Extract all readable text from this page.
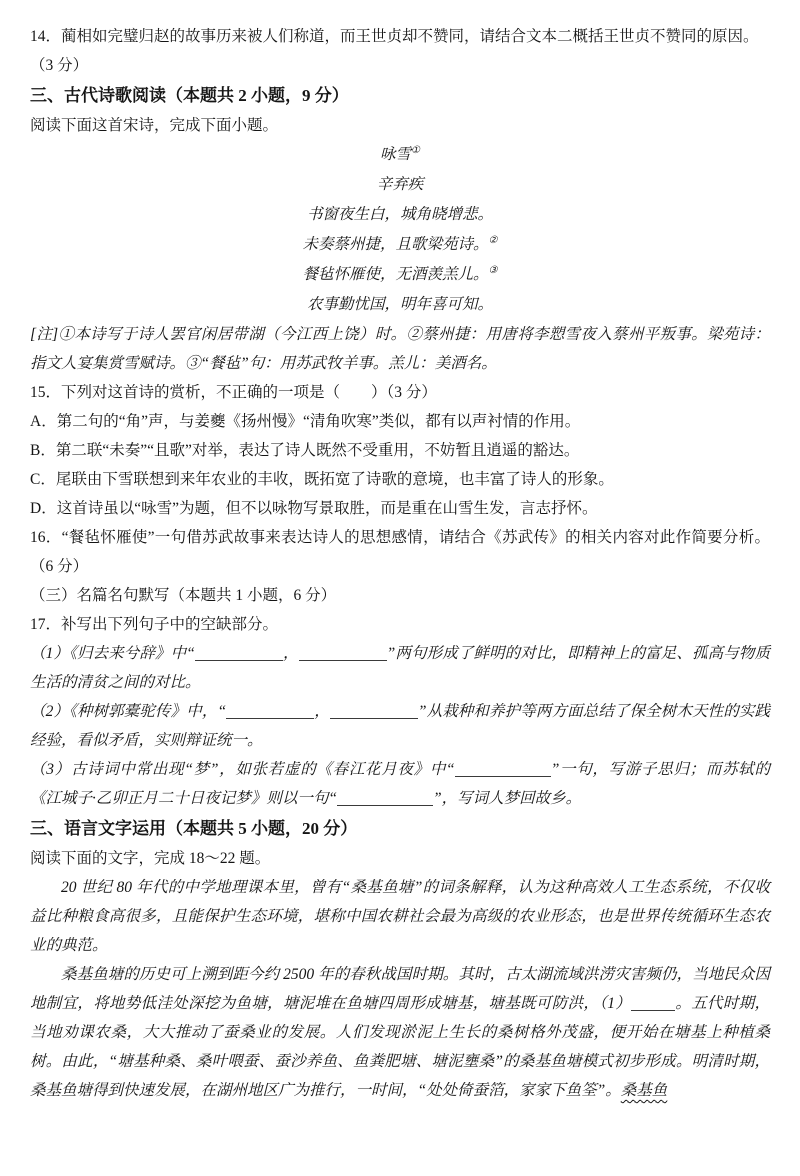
14．蔺相如完璧归赵的故事历来被人们称道，而王世贞却不赞同，请结合文本二概括王世贞不赞同的原因。

（3 分）

三、古代诗歌阅读（本题共 2 小题，9 分）

阅读下面这首宋诗，完成下面小题。

咏雪①
辛弃疾
书窗夜生白，城角晓增悲。
未奏蔡州捷，且歌梁苑诗。②
餐毡怀雁使，无酒羡羔儿。③
农事勤忧国，明年喜可知。

[注]①本诗写于诗人罢官闲居带湖（今江西上饶）时。②蔡州捷：用唐将李愬雪夜入蔡州平叛事。梁苑诗：指文人宴集赏雪赋诗。③“餐毡”句：用苏武牧羊事。羔儿：美酒名。

15．下列对这首诗的赏析，不正确的一项是（　　）（3 分）

A．第二句的“角”声，与姜夔《扬州慢》“清角吹寒”类似，都有以声衬情的作用。

B．第二联“未奏”“且歌”对举，表达了诗人既然不受重用，不妨暂且逍遥的豁达。

C．尾联由下雪联想到来年农业的丰收，既拓宽了诗歌的意境，也丰富了诗人的形象。

D．这首诗虽以“咏雪”为题，但不以咏物写景取胜，而是重在山雪生发，言志抒怀。

16．“餐毡怀雁使”一句借苏武故事来表达诗人的思想感情，请结合《苏武传》的相关内容对此作简要分析。（6 分）

（三）名篇名句默写（本题共 1 小题，6 分）

17．补写出下列句子中的空缺部分。

（1）《归去来兮辞》中“	，	”两句形成了鲜明的对比，即精神上的富足、孤高与物质生活的清贫之间的对比。

（2）《种树郭橐驼传》中，“	，	”从栽种和养护等两方面总结了保全树木天性的实践经验，看似矛盾，实则辩证统一。

（3）古诗词中常出现“梦”，如张若虚的《春江花月夜》中“	”一句，写游子思归；而苏轼的《江城子·乙卯正月二十日夜记梦》则以一句“	”，写词人梦回故乡。

三、语言文字运用（本题共 5 小题，20 分）

阅读下面的文字，完成 18～22 题。

20 世纪 80 年代的中学地理课本里，曾有“桑基鱼塘”的词条解释，认为这种高效人工生态系统，不仅收益比种粮食高很多，且能保护生态环境，堪称中国农耕社会最为高级的农业形态，也是世界传统循环生态农业的典范。

桑基鱼塘的历史可上溯到距今约 2500 年的春秋战国时期。其时，古太湖流域洪涝灾害频仍，当地民众因地制宜，将地势低洼处深挖为鱼塘，塘泥堆在鱼塘四周形成塘基，塘基既可防洪，（1）	。五代时期，当地劝课农桑，大大推动了蚕桑业的发展。人们发现淤泥上生长的桑树格外茂盛，便开始在塘基上种植桑树。由此，“塘基种桑、桑叶喂蚕、蚕沙养鱼、鱼粪肥塘、塘泥壅桑”的桑基鱼塘模式初步形成。明清时期，桑基鱼塘得到快速发展，在湖州地区广为推行，一时间，“处处倚蚕箔，家家下鱼筌”。桑基鱼
